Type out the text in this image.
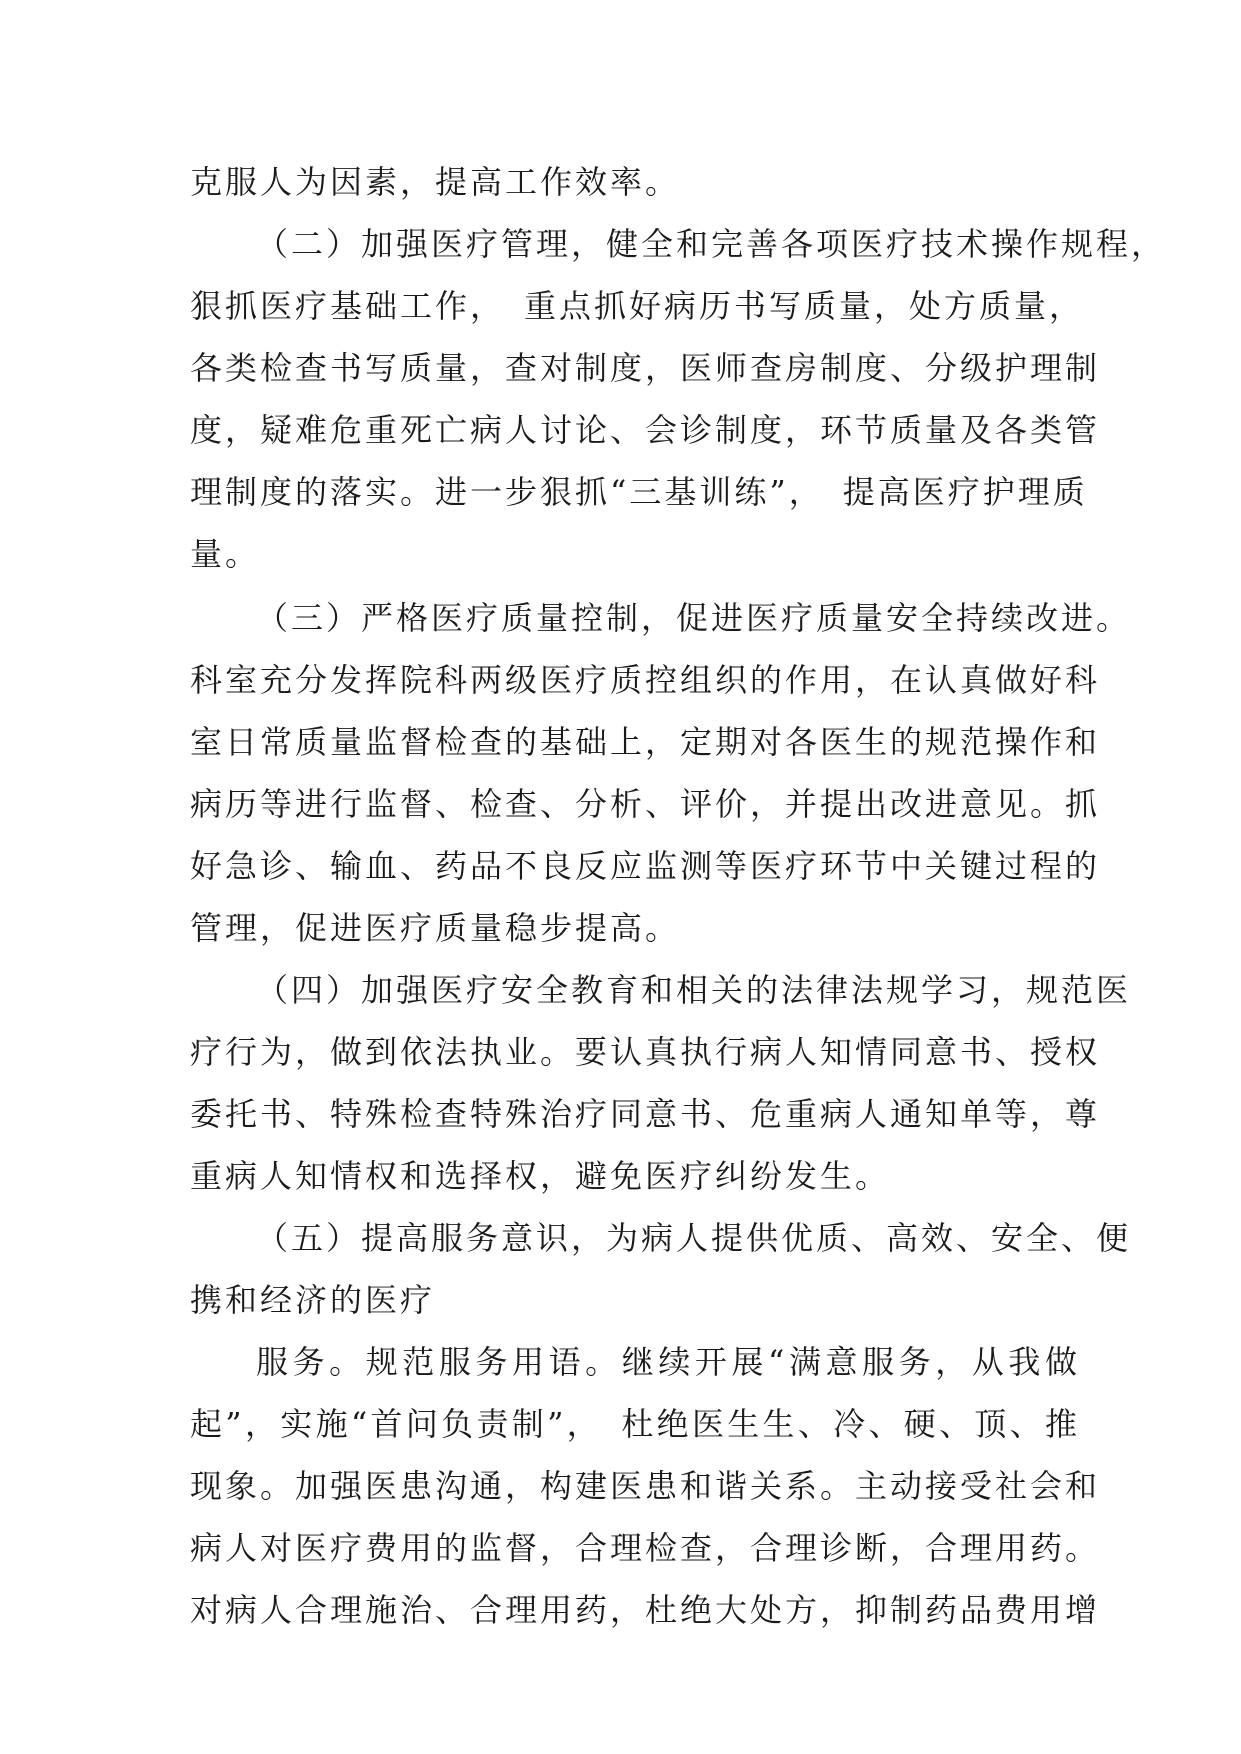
克服人为因素，提高工作效率。
（二）加强医疗管理，健全和完善各项医疗技术操作规程，
狠抓医疗基础工作，　重点抓好病历书写质量，处方质量，
各类检查书写质量，查对制度，医师查房制度、分级护理制
度，疑难危重死亡病人讨论、会诊制度，环节质量及各类管
理制度的落实。进一步狠抓“三基训练”，　提高医疗护理质
量。
（三）严格医疗质量控制，促进医疗质量安全持续改进。
科室充分发挥院科两级医疗质控组织的作用，在认真做好科
室日常质量监督检查的基础上，定期对各医生的规范操作和
病历等进行监督、检查、分析、评价，并提出改进意见。抓
好急诊、输血、药品不良反应监测等医疗环节中关键过程的
管理，促进医疗质量稳步提高。
（四）加强医疗安全教育和相关的法律法规学习，规范医
疗行为，做到依法执业。要认真执行病人知情同意书、授权
委托书、特殊检查特殊治疗同意书、危重病人通知单等，尊
重病人知情权和选择权，避免医疗纠纷发生。
（五）提高服务意识，为病人提供优质、高效、安全、便
携和经济的医疗
服务。规范服务用语。继续开展“满意服务，从我做
起”，实施“首问负责制”，　杜绝医生生、冷、硬、顶、推
现象。加强医患沟通，构建医患和谐关系。主动接受社会和
病人对医疗费用的监督，合理检查，合理诊断，合理用药。
对病人合理施治、合理用药，杜绝大处方，抑制药品费用增
